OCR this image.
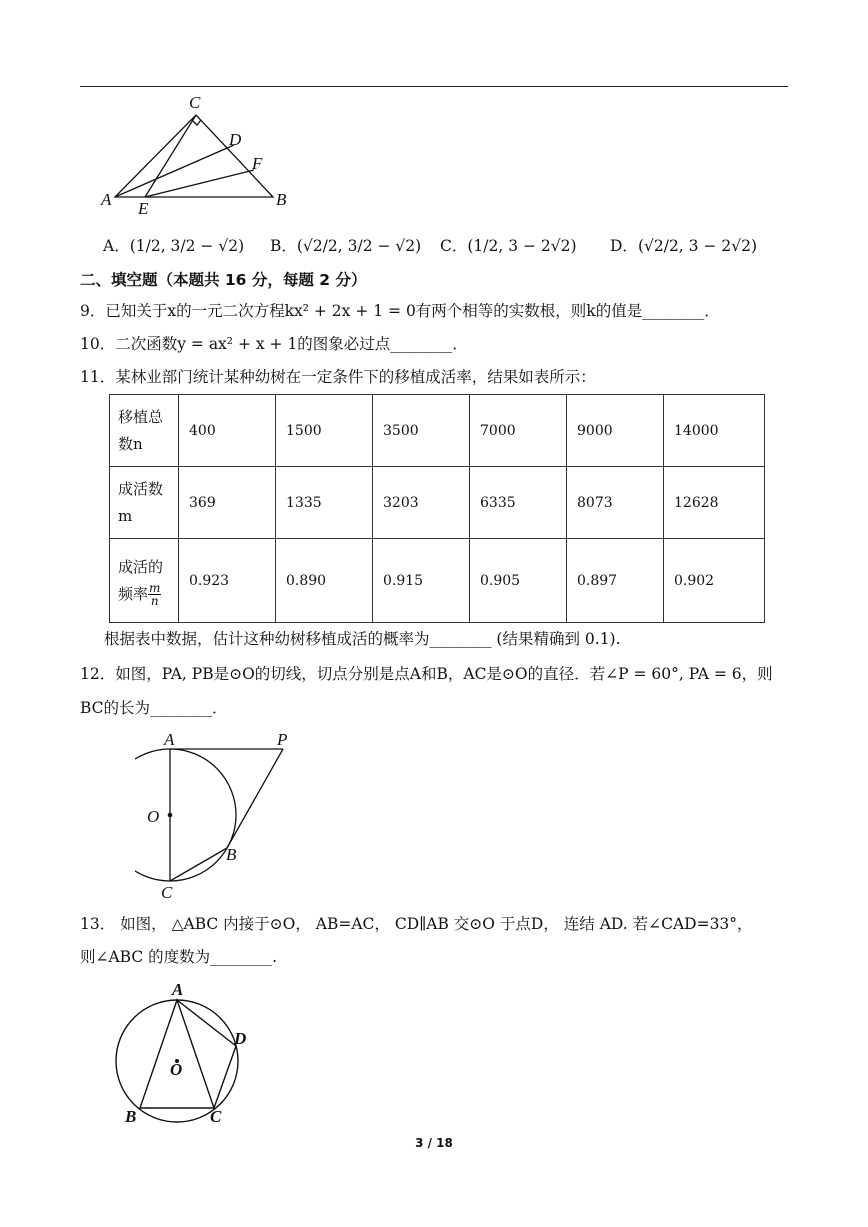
C
D
F
A E	B
A．(1/2, 3/2 − √2) B．(√2/2, 3/2 − √2) C．(1/2, 3 − 2√2) D．(√2/2, 3 − 2√2)
二、填空题（本题共 16 分，每题 2 分）
9．已知关于x的一元二次方程kx² + 2x + 1 = 0有两个相等的实数根，则k的值是________．
10．二次函数y = ax² + x + 1的图象必过点________．
11．某林业部门统计某种幼树在一定条件下的移植成活率，结果如表所示：
移植总数n	400	1500	3500	7000	9000	14000
成活数m	369	1335	3203	6335	8073	12628
成活的频率 $\frac{m}{n}$	0.923	0.890	0.915	0.905	0.897	0.902
根据表中数据，估计这种幼树移植成活的概率为________ (结果精确到 0.1).
12．如图，PA, PB是⊙O的切线，切点分别是点A和B，AC是⊙O的直径．若∠P = 60°, PA = 6，则
BC的长为________．
A	P
O
B
C
13． 如图， △ABC 内接于⊙O， AB=AC， CD∥AB 交⊙O 于点D， 连结 AD. 若∠CAD=33°，
则∠ABC 的度数为________.
A
D
O
B	C
3 / 18
